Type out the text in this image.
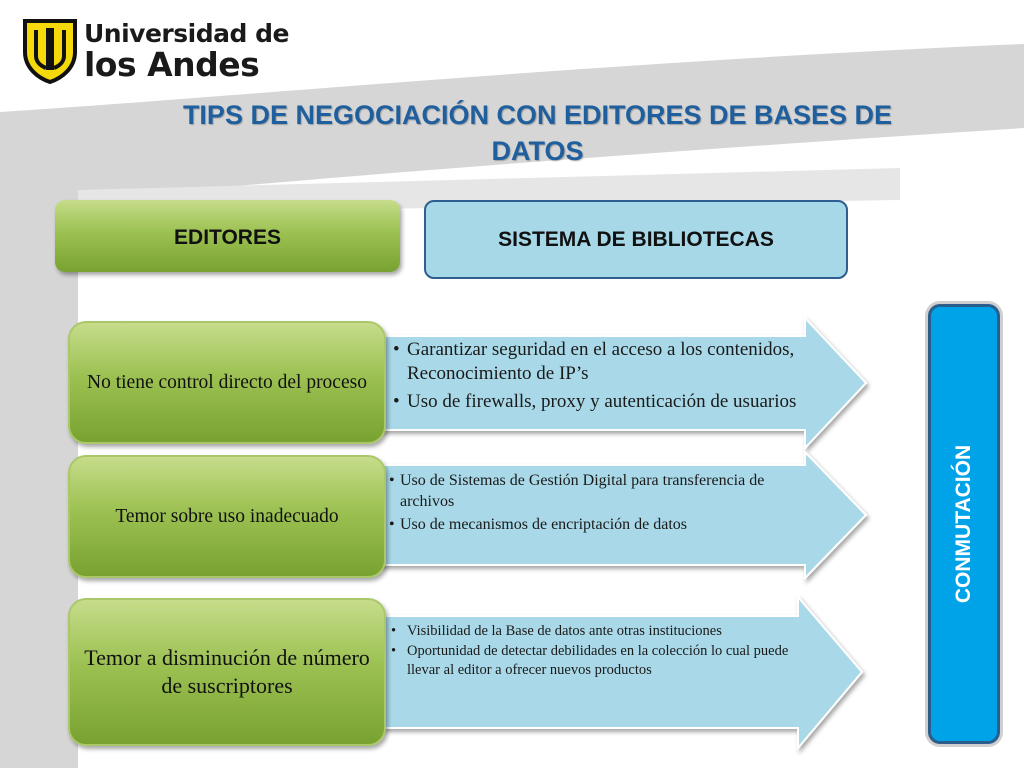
Universidad de
los Andes
TIPS DE NEGOCIACIÓN CON EDITORES DE BASES DE DATOS
EDITORES	SISTEMA DE BIBLIOTECAS
No tiene control directo del proceso
Temor sobre uso inadecuado
Temor a disminución de número de suscriptores
• Garantizar seguridad en el acceso a los contenidos, Reconocimiento de IP’s
• Uso de firewalls, proxy y autenticación de usuarios
• Uso de Sistemas de Gestión Digital para transferencia de archivos
• Uso de mecanismos de encriptación de datos
• Visibilidad de la Base de datos ante otras instituciones
• Oportunidad de detectar debilidades en la colección lo cual puede llevar al editor a ofrecer nuevos productos
CONMUTACIÓN
